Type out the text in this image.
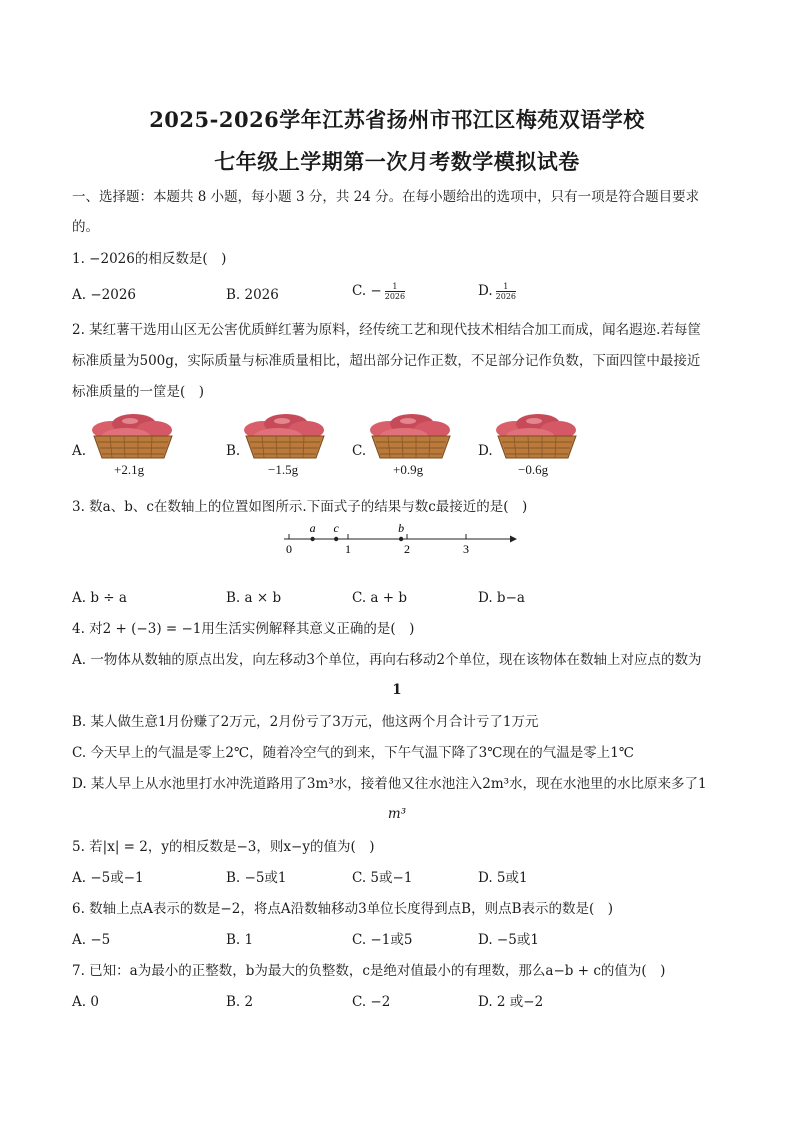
2025-2026学年江苏省扬州市邗江区梅苑双语学校
七年级上学期第一次月考数学模拟试卷
一、选择题：本题共 8 小题，每小题 3 分，共 24 分。在每小题给出的选项中，只有一项是符合题目要求
的。
1. −2026的相反数是(　)
A. −2026	B. 2026	C. − $\frac{1}{2026}$	D. $\frac{1}{2026}$
2. 某红薯干选用山区无公害优质鲜红薯为原料，经传统工艺和现代技术相结合加工而成，闻名遐迩.若每筐
标准质量为500g，实际质量与标准质量相比，超出部分记作正数，不足部分记作负数，下面四筐中最接近
标准质量的一筐是(　)
A.	B.	C.	D.
+2.1g	−1.5g	+0.9g	−0.6g
3. 数a、b、c在数轴上的位置如图所示.下面式子的结果与数c最接近的是(　)
0	1	2	3
a c	b
A. b ÷ a	B. a × b	C. a + b	D. b−a
4. 对2 + (−3) = −1用生活实例解释其意义正确的是(　)
A. 一物体从数轴的原点出发，向左移动3个单位，再向右移动2个单位，现在该物体在数轴上对应点的数为
1
B. 某人做生意1月份赚了2万元，2月份亏了3万元，他这两个月合计亏了1万元
C. 今天早上的气温是零上2℃，随着冷空气的到来，下午气温下降了3℃现在的气温是零上1℃
D. 某人早上从水池里打水冲洗道路用了3m³水，接着他又往水池注入2m³水，现在水池里的水比原来多了1
m³
5. 若|x| = 2，y的相反数是−3，则x−y的值为(　)
A. −5或−1	B. −5或1	C. 5或−1	D. 5或1
6. 数轴上点A表示的数是−2，将点A沿数轴移动3单位长度得到点B，则点B表示的数是(　)
A. −5	B. 1	C. −1或5	D. −5或1
7. 已知：a为最小的正整数，b为最大的负整数，c是绝对值最小的有理数，那么a−b + c的值为(　)
A. 0	B. 2	C. −2	D. 2 或−2
